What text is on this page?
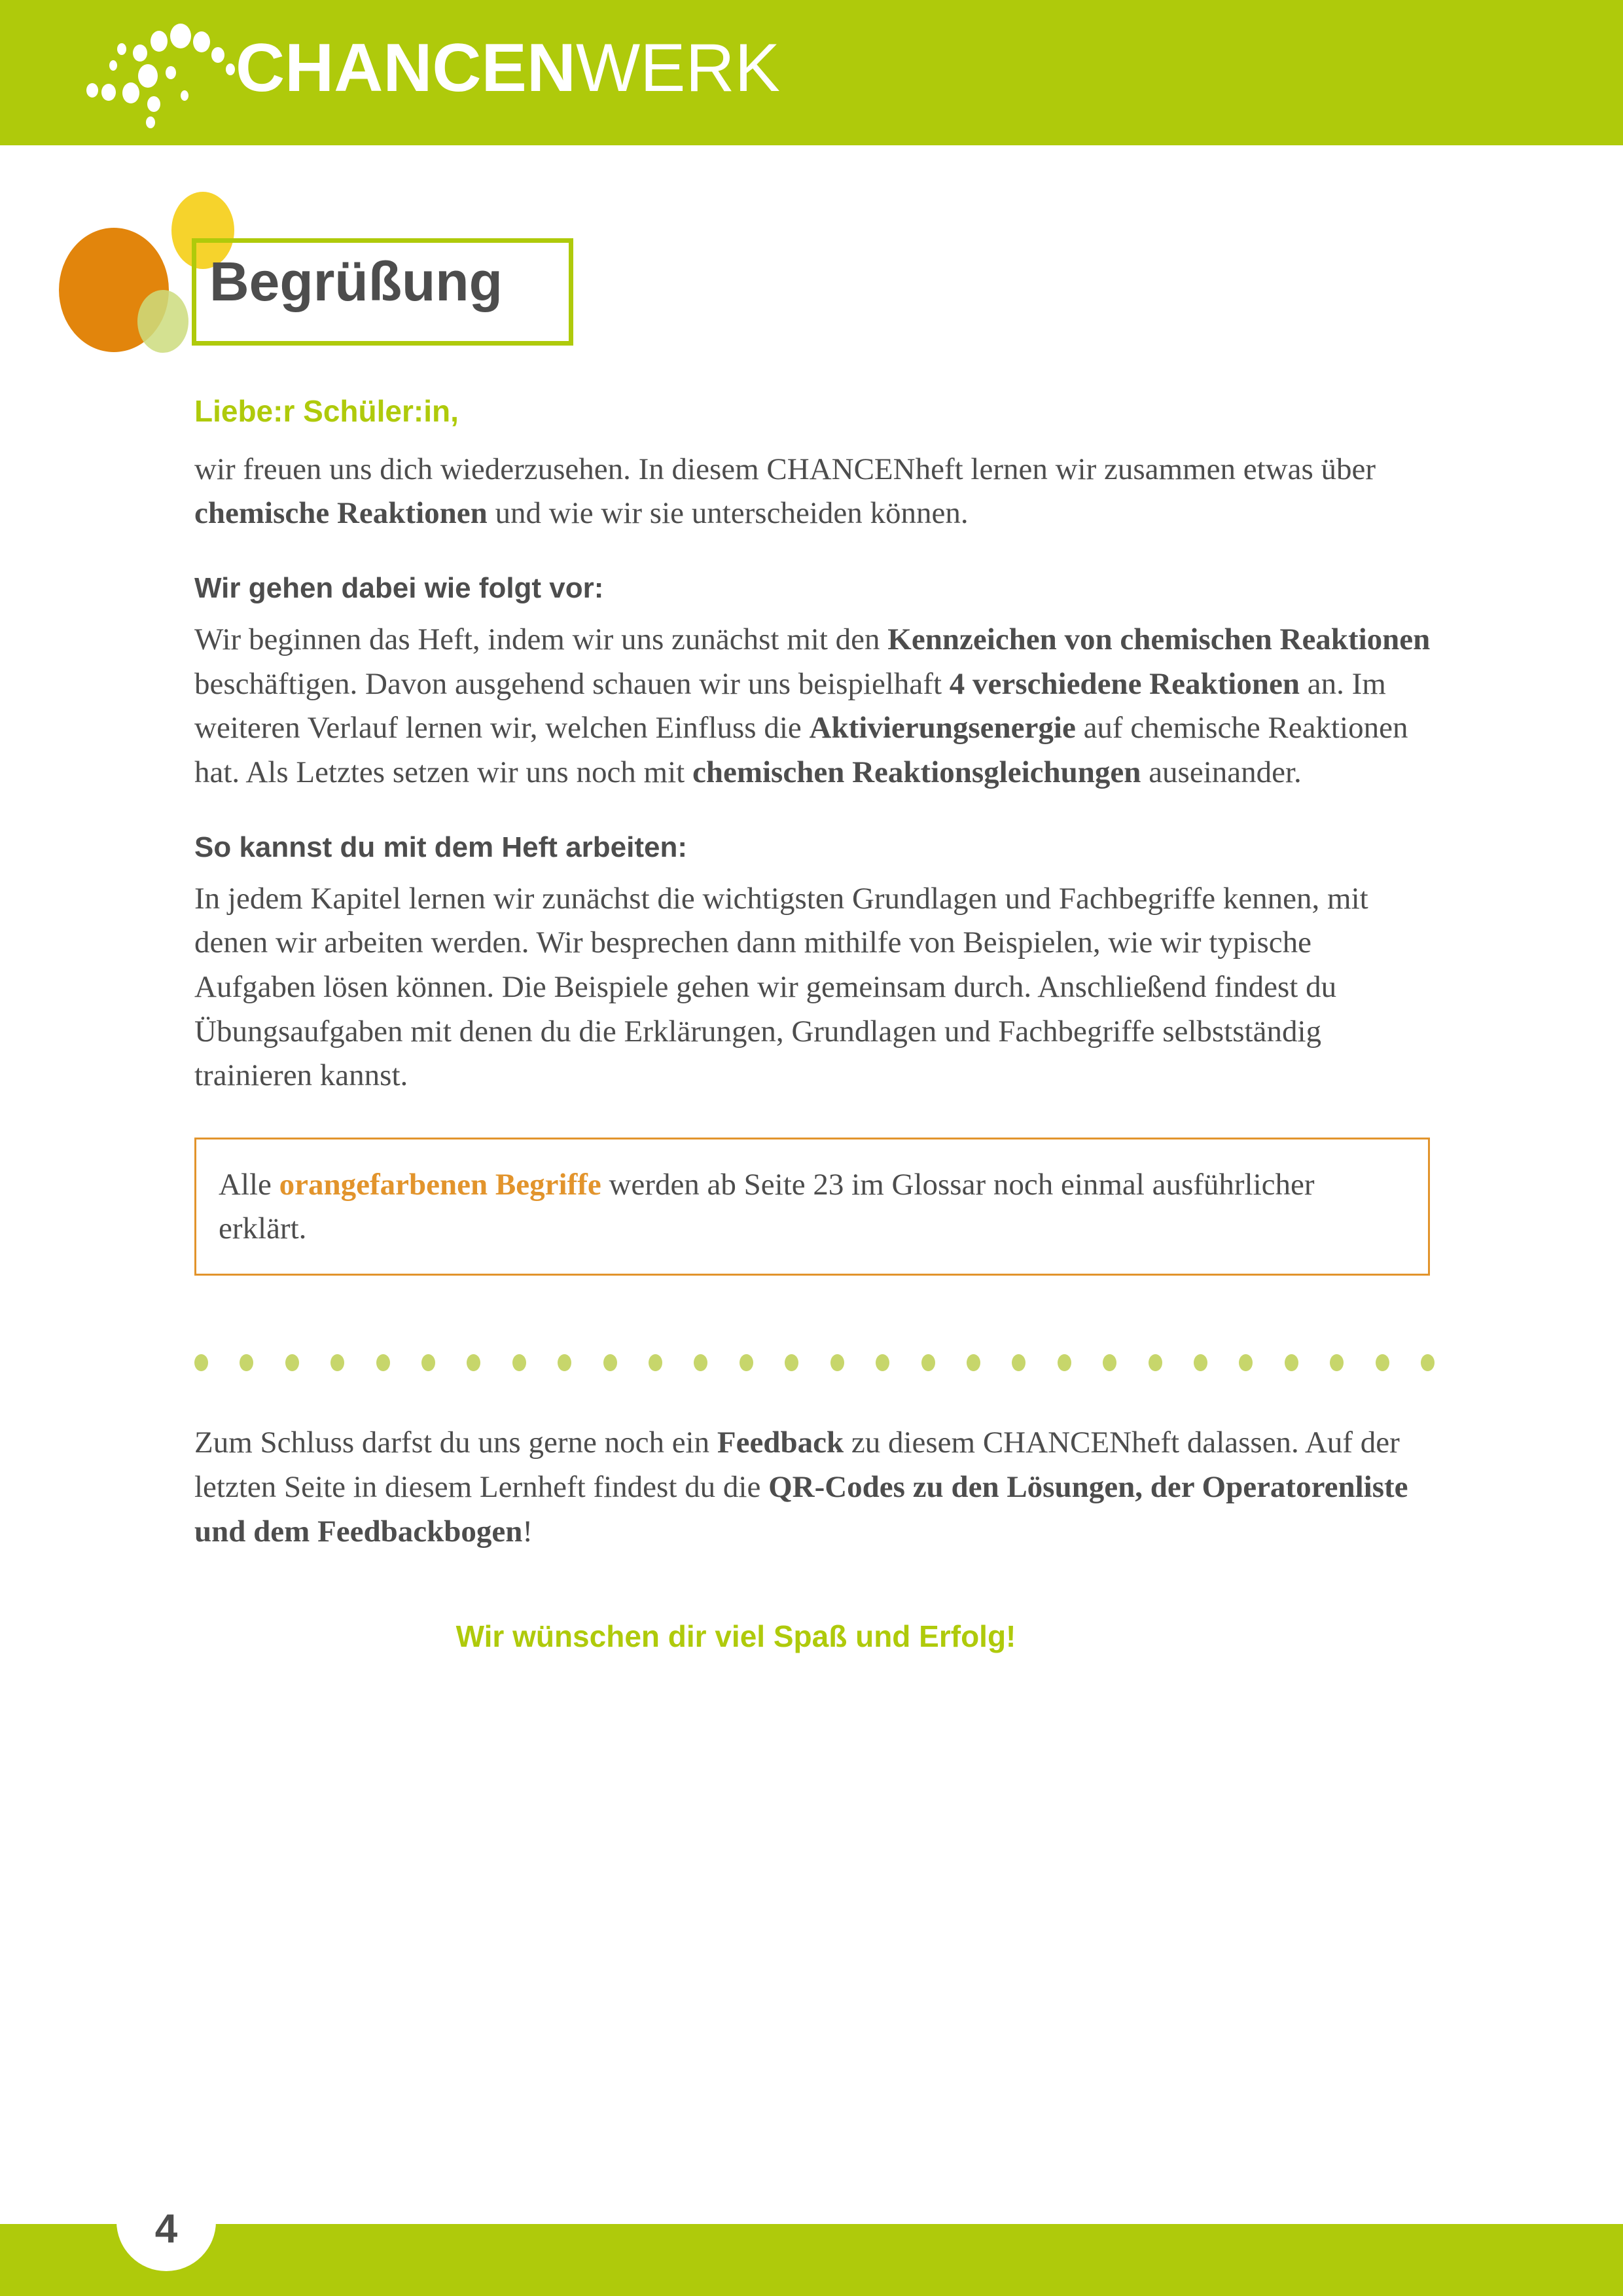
CHANCENWERK
Begrüßung
Liebe:r Schüler:in,

wir freuen uns dich wiederzusehen. In diesem CHANCENheft lernen wir zusammen etwas über chemische Reaktionen und wie wir sie unterscheiden können.

Wir gehen dabei wie folgt vor:

Wir beginnen das Heft, indem wir uns zunächst mit den Kennzeichen von chemischen Reaktionen beschäftigen. Davon ausgehend schauen wir uns beispielhaft 4 verschiedene Reaktionen an. Im weiteren Verlauf lernen wir, welchen Einfluss die Aktivierungsenergie auf chemische Reaktionen hat. Als Letztes setzen wir uns noch mit chemischen Reaktionsgleichungen auseinander.

So kannst du mit dem Heft arbeiten:

In jedem Kapitel lernen wir zunächst die wichtigsten Grundlagen und Fachbegriffe kennen, mit denen wir arbeiten werden. Wir besprechen dann mithilfe von Beispielen, wie wir typische Aufgaben lösen können. Die Beispiele gehen wir gemeinsam durch. Anschließend findest du Übungsaufgaben mit denen du die Erklärungen, Grundlagen und Fachbegriffe selbstständig trainieren kannst.

Alle orangefarbenen Begriffe werden ab Seite 23 im Glossar noch einmal ausführlicher erklärt.

Zum Schluss darfst du uns gerne noch ein Feedback zu diesem CHANCENheft dalassen. Auf der letzten Seite in diesem Lernheft findest du die QR-Codes zu den Lösungen, der Operatorenliste und dem Feedbackbogen!

Wir wünschen dir viel Spaß und Erfolg!
4
